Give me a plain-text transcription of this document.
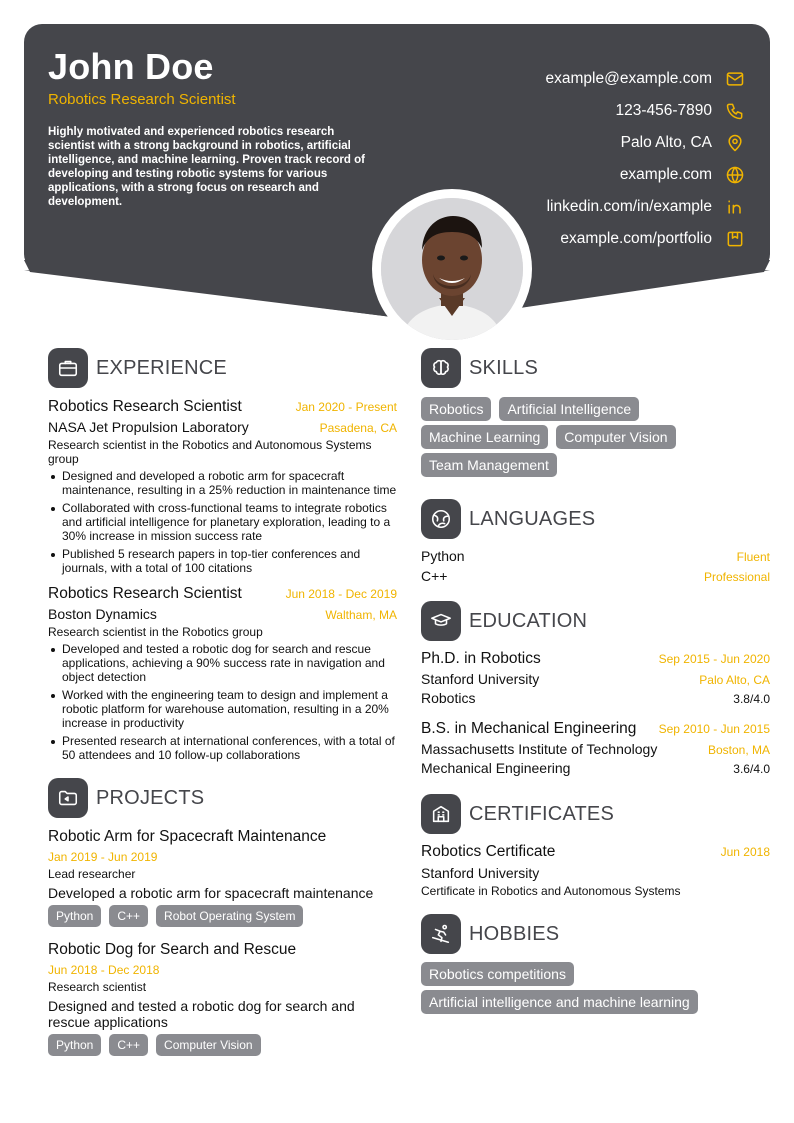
John Doe
Robotics Research Scientist
Highly motivated and experienced robotics research scientist with a strong background in robotics, artificial intelligence, and machine learning. Proven track record of developing and testing robotic systems for various applications, with a strong focus on research and development.
example@example.com
123-456-7890
Palo Alto, CA
example.com
linkedin.com/in/example
example.com/portfolio
EXPERIENCE
Robotics Research Scientist	Jan 2020 - Present
NASA Jet Propulsion Laboratory	Pasadena, CA
Research scientist in the Robotics and Autonomous Systems group
Designed and developed a robotic arm for spacecraft maintenance, resulting in a 25% reduction in maintenance time
Collaborated with cross-functional teams to integrate robotics and artificial intelligence for planetary exploration, leading to a 30% increase in mission success rate
Published 5 research papers in top-tier conferences and journals, with a total of 100 citations
Robotics Research Scientist	Jun 2018 - Dec 2019
Boston Dynamics	Waltham, MA
Research scientist in the Robotics group
Developed and tested a robotic dog for search and rescue applications, achieving a 90% success rate in navigation and object detection
Worked with the engineering team to design and implement a robotic platform for warehouse automation, resulting in a 20% increase in productivity
Presented research at international conferences, with a total of 50 attendees and 10 follow-up collaborations
PROJECTS
Robotic Arm for Spacecraft Maintenance
Jan 2019 - Jun 2019
Lead researcher
Developed a robotic arm for spacecraft maintenance
Python	C++	Robot Operating System
Robotic Dog for Search and Rescue
Jun 2018 - Dec 2018
Research scientist
Designed and tested a robotic dog for search and rescue applications
Python	C++	Computer Vision
SKILLS
Robotics	Artificial Intelligence
Machine Learning	Computer Vision
Team Management
LANGUAGES
Python	Fluent
C++	Professional
EDUCATION
Ph.D. in Robotics	Sep 2015 - Jun 2020
Stanford University	Palo Alto, CA
Robotics	3.8/4.0
B.S. in Mechanical Engineering Sep 2010 - Jun 2015
Massachusetts Institute of Technology	Boston, MA
Mechanical Engineering	3.6/4.0
CERTIFICATES
Robotics Certificate	Jun 2018
Stanford University
Certificate in Robotics and Autonomous Systems
HOBBIES
Robotics competitions
Artificial intelligence and machine learning
